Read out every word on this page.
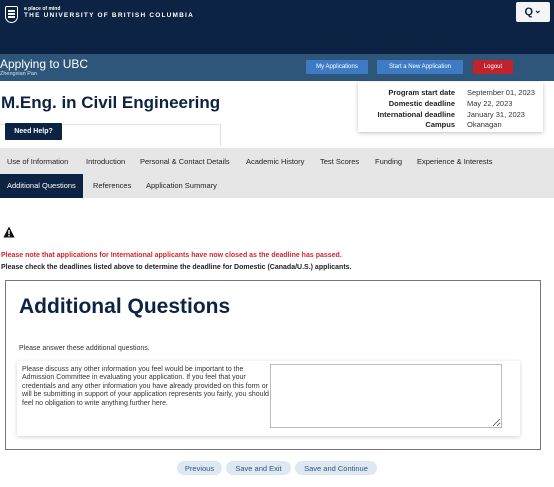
a place of mind
THE UNIVERSITY OF BRITISH COLUMBIA	Q ⌄
Applying to UBC
Zhengxian Pan
My Applications	Start a New Application	Logout
M.Eng. in Civil Engineering
Need Help?
Program start date September 01, 2023
Domestic deadline May 22, 2023
International deadline January 31, 2023
Campus Okanagan
Use of Information Introduction Personal & Contact Details Academic History Test Scores Funding Experience & Interests
Additional Questions	References Application Summary
Please note that applications for International applicants have now closed as the deadline has passed.
Please check the deadlines listed above to determine the deadline for Domestic (Canada/U.S.) applicants.
Additional Questions
Please answer these additional questions.
Please discuss any other information you feel would be important to the Admission Committee in evaluating your application. If you feel that your credentials and any other information you have already provided on this form or will be submitting in support of your application represents you fairly, you should feel no obligation to write anything further here.
Previous	Save and Exit	Save and Continue
